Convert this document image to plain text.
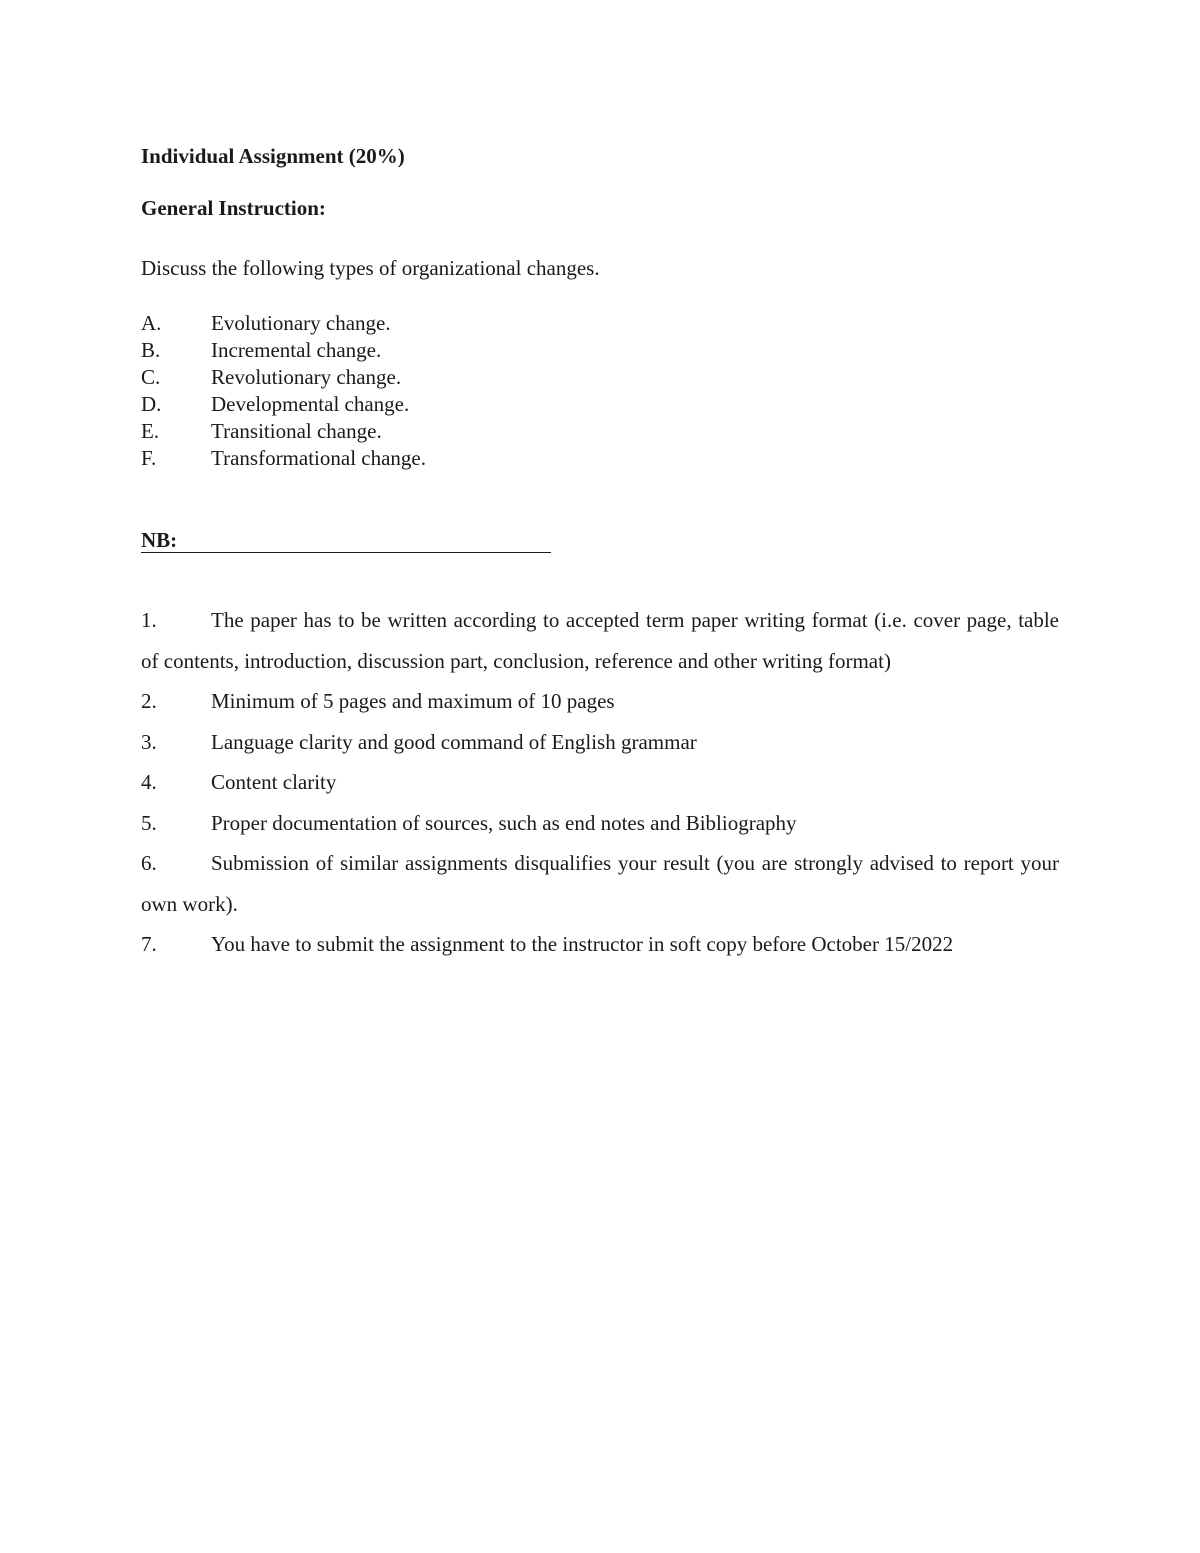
Individual Assignment (20%)

General Instruction:

Discuss the following types of organizational changes.

A.	Evolutionary change.
B.	Incremental change.
C.	Revolutionary change.
D.	Developmental change.
E.	Transitional change.
F.	Transformational change.
NB:
1.	The paper has to be written according to accepted term paper writing format (i.e. cover page, table of contents, introduction, discussion part, conclusion, reference and other writing format)
2.	Minimum of 5 pages and maximum of 10 pages
3.	Language clarity and good command of English grammar
4.	Content clarity
5.	Proper documentation of sources, such as end notes and Bibliography
6.	Submission of similar assignments disqualifies your result (you are strongly advised to report your own work).
7.	You have to submit the assignment to the instructor in soft copy before October 15/2022
